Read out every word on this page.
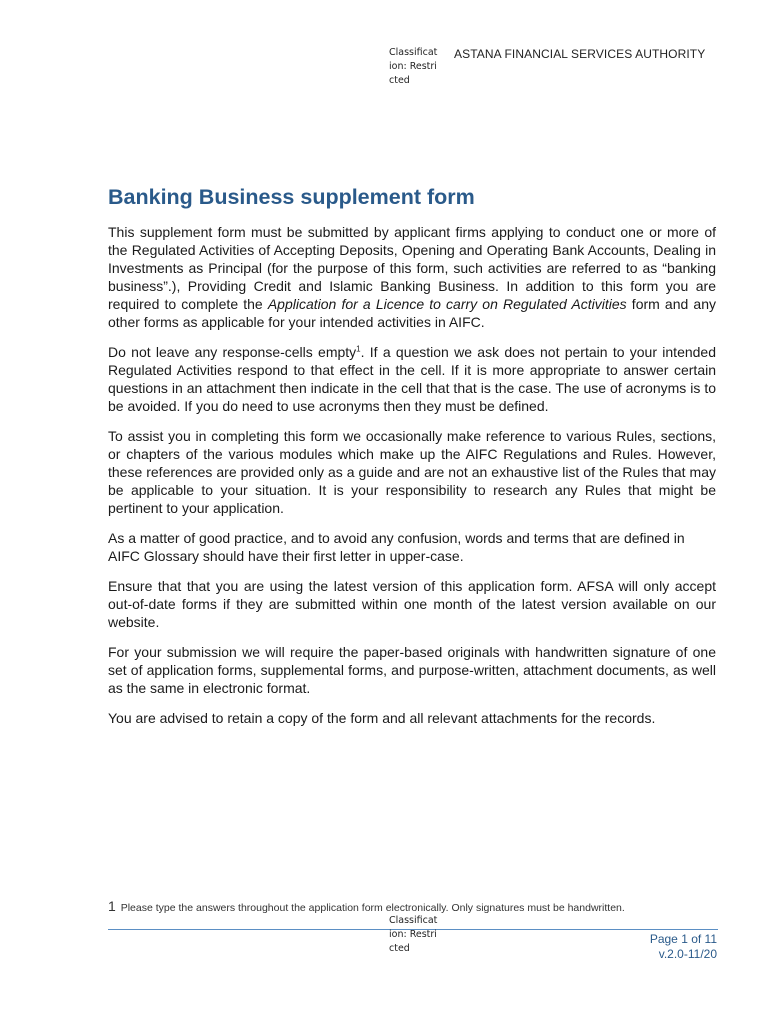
Classification: Restricted
ASTANA FINANCIAL SERVICES AUTHORITY
Banking Business supplement form

This supplement form must be submitted by applicant firms applying to conduct one or more of the Regulated Activities of Accepting Deposits, Opening and Operating Bank Accounts, Dealing in Investments as Principal (for the purpose of this form, such activities are referred to as “banking business”.), Providing Credit and Islamic Banking Business. In addition to this form you are required to complete the Application for a Licence to carry on Regulated Activities form and any other forms as applicable for your intended activities in AIFC.

Do not leave any response-cells empty$^1$. If a question we ask does not pertain to your intended Regulated Activities respond to that effect in the cell. If it is more appropriate to answer certain questions in an attachment then indicate in the cell that that is the case. The use of acronyms is to be avoided. If you do need to use acronyms then they must be defined.

To assist you in completing this form we occasionally make reference to various Rules, sections, or chapters of the various modules which make up the AIFC Regulations and Rules. However, these references are provided only as a guide and are not an exhaustive list of the Rules that may be applicable to your situation. It is your responsibility to research any Rules that might be pertinent to your application.

As a matter of good practice, and to avoid any confusion, words and terms that are defined in AIFC Glossary should have their first letter in upper-case.

Ensure that that you are using the latest version of this application form. AFSA will only accept out-of-date forms if they are submitted within one month of the latest version available on our website.

For your submission we will require the paper-based originals with handwritten signature of one set of application forms, supplemental forms, and purpose-written, attachment documents, as well as the same in electronic format.

You are advised to retain a copy of the form and all relevant attachments for the records.

1 Please type the answers throughout the application form electronically. Only signatures must be handwritten.
Classification: Restricted
Page 1 of 11
v.2.0-11/20
